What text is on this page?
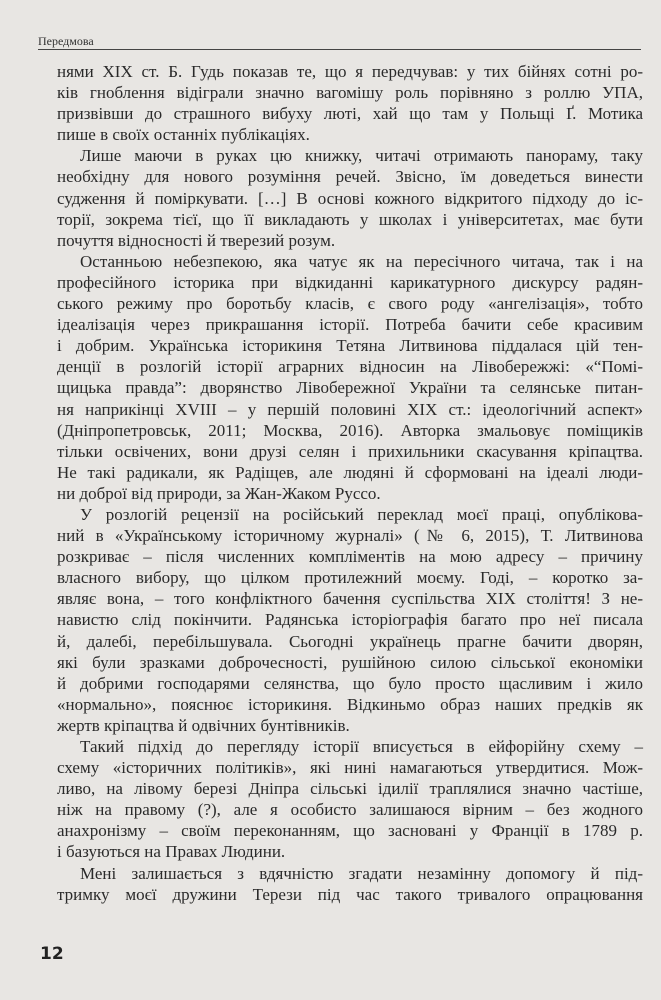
Передмова
нями XIX ст. Б. Гудь показав те, що я передчував: у тих бійнях сотні ро-
ків гноблення відіграли значно вагомішу роль порівняно з роллю УПА,
призвівши до страшного вибуху люті, хай що там у Польщі Ґ. Мотика
пише в своїх останніх публікаціях.
Лише маючи в руках цю книжку, читачі отримають панораму, таку
необхідну для нового розуміння речей. Звісно, їм доведеться винести
судження й поміркувати. […] В основі кожного відкритого підходу до іс-
торії, зокрема тієї, що її викладають у школах і університетах, має бути
почуття відносності й тверезий розум.
Останньою небезпекою, яка чатує як на пересічного читача, так і на
професійного історика при відкиданні карикатурного дискурсу радян-
ського режиму про боротьбу класів, є свого роду «ангелізація», тобто
ідеалізація через прикрашання історії. Потреба бачити себе красивим
і добрим. Українська історикиня Тетяна Литвинова піддалася цій тен-
денції в розлогій історії аграрних відносин на Лівобережжі: «“Помі-
щицька правда”: дворянство Лівобережної України та селянське питан-
ня наприкінці XVIII – у першій половині XIX ст.: ідеологічний аспект»
(Дніпропетровськ, 2011; Москва, 2016). Авторка змальовує поміщиків
тільки освічених, вони друзі селян і прихильники скасування кріпацтва.
Не такі радикали, як Радіщев, але людяні й сформовані на ідеалі люди-
ни доброї від природи, за Жан-Жаком Руссо.
У розлогій рецензії на російський переклад моєї праці, опублікова-
ний в «Українському історичному журналі» (№ 6, 2015), Т. Литвинова
розкриває – після численних компліментів на мою адресу – причину
власного вибору, що цілком протилежний моєму. Годі, – коротко за-
являє вона, – того конфліктного бачення суспільства XIX століття! З не-
навистю слід покінчити. Радянська історіографія багато про неї писала
й, далебі, перебільшувала. Сьогодні українець прагне бачити дворян,
які були зразками доброчесності, рушійною силою сільської економіки
й добрими господарями селянства, що було просто щасливим і жило
«нормально», пояснює історикиня. Відкиньмо образ наших предків як
жертв кріпацтва й одвічних бунтівників.
Такий підхід до перегляду історії вписується в ейфорійну схему –
схему «історичних політиків», які нині намагаються утвердитися. Мож-
ливо, на лівому березі Дніпра сільські ідилії траплялися значно частіше,
ніж на правому (?), але я особисто залишаюся вірним – без жодного
анахронізму – своїм переконанням, що засновані у Франції в 1789 р.
і базуються на Правах Людини.
Мені залишається з вдячністю згадати незамінну допомогу й під-
тримку моєї дружини Терези під час такого тривалого опрацювання
12
